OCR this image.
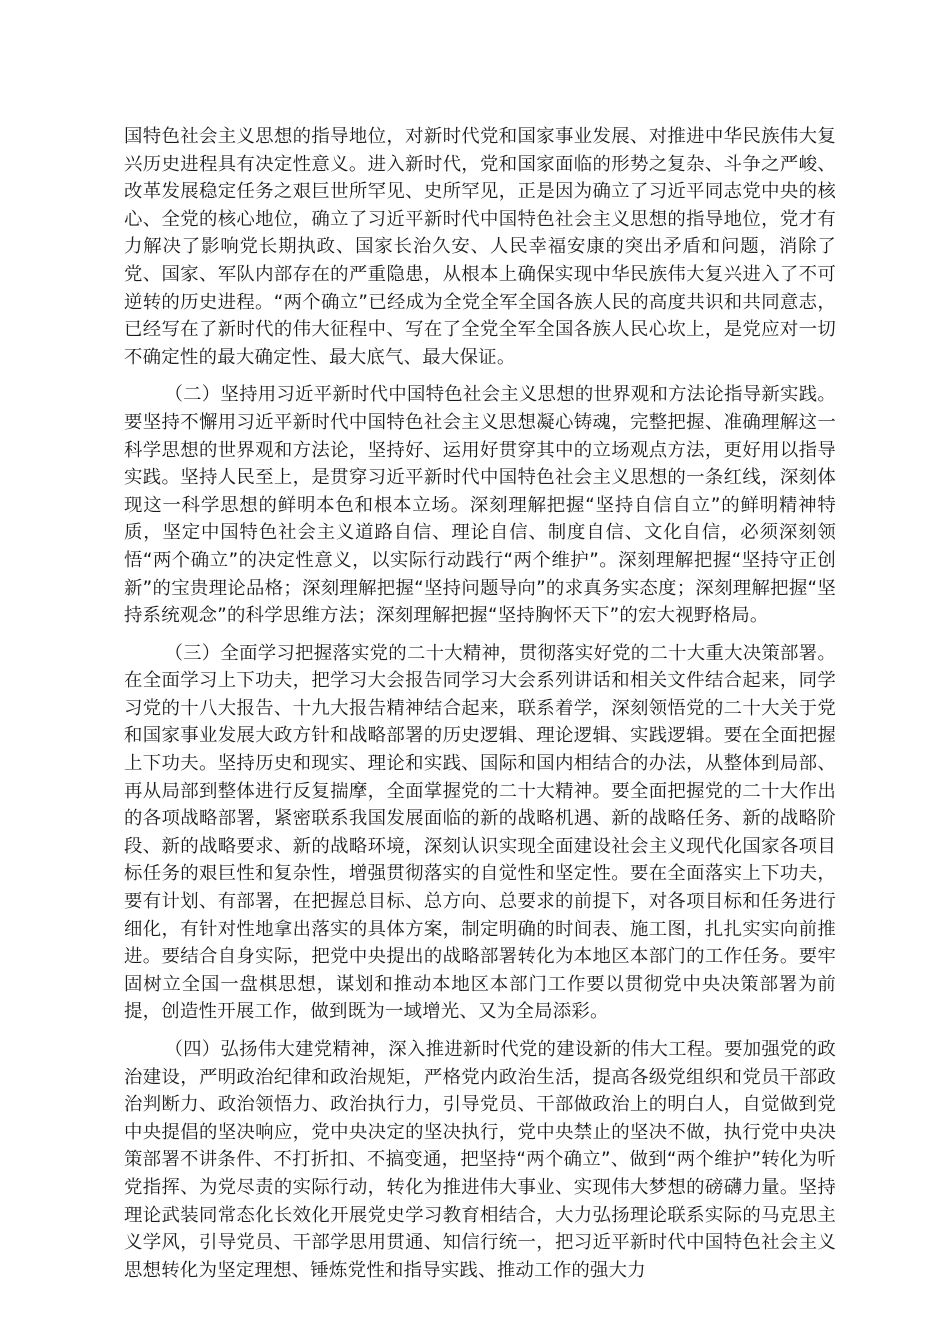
国特色社会主义思想的指导地位，对新时代党和国家事业发展、对推进中华民族伟大复兴历史进程具有决定性意义。进入新时代，党和国家面临的形势之复杂、斗争之严峻、改革发展稳定任务之艰巨世所罕见、史所罕见，正是因为确立了习近平同志党中央的核心、全党的核心地位，确立了习近平新时代中国特色社会主义思想的指导地位，党才有力解决了影响党长期执政、国家长治久安、人民幸福安康的突出矛盾和问题，消除了党、国家、军队内部存在的严重隐患，从根本上确保实现中华民族伟大复兴进入了不可逆转的历史进程。“两个确立”已经成为全党全军全国各族人民的高度共识和共同意志，已经写在了新时代的伟大征程中、写在了全党全军全国各族人民心坎上，是党应对一切不确定性的最大确定性、最大底气、最大保证。

（二）坚持用习近平新时代中国特色社会主义思想的世界观和方法论指导新实践。要坚持不懈用习近平新时代中国特色社会主义思想凝心铸魂，完整把握、准确理解这一科学思想的世界观和方法论，坚持好、运用好贯穿其中的立场观点方法，更好用以指导实践。坚持人民至上，是贯穿习近平新时代中国特色社会主义思想的一条红线，深刻体现这一科学思想的鲜明本色和根本立场。深刻理解把握“坚持自信自立”的鲜明精神特质，坚定中国特色社会主义道路自信、理论自信、制度自信、文化自信，必须深刻领悟“两个确立”的决定性意义，以实际行动践行“两个维护”。深刻理解把握“坚持守正创新”的宝贵理论品格；深刻理解把握“坚持问题导向”的求真务实态度；深刻理解把握“坚持系统观念”的科学思维方法；深刻理解把握“坚持胸怀天下”的宏大视野格局。

（三）全面学习把握落实党的二十大精神，贯彻落实好党的二十大重大决策部署。在全面学习上下功夫，把学习大会报告同学习大会系列讲话和相关文件结合起来，同学习党的十八大报告、十九大报告精神结合起来，联系着学，深刻领悟党的二十大关于党和国家事业发展大政方针和战略部署的历史逻辑、理论逻辑、实践逻辑。要在全面把握上下功夫。坚持历史和现实、理论和实践、国际和国内相结合的办法，从整体到局部、再从局部到整体进行反复揣摩，全面掌握党的二十大精神。要全面把握党的二十大作出的各项战略部署，紧密联系我国发展面临的新的战略机遇、新的战略任务、新的战略阶段、新的战略要求、新的战略环境，深刻认识实现全面建设社会主义现代化国家各项目标任务的艰巨性和复杂性，增强贯彻落实的自觉性和坚定性。要在全面落实上下功夫，要有计划、有部署，在把握总目标、总方向、总要求的前提下，对各项目标和任务进行细化，有针对性地拿出落实的具体方案，制定明确的时间表、施工图，扎扎实实向前推进。要结合自身实际，把党中央提出的战略部署转化为本地区本部门的工作任务。要牢固树立全国一盘棋思想，谋划和推动本地区本部门工作要以贯彻党中央决策部署为前提，创造性开展工作，做到既为一域增光、又为全局添彩。

（四）弘扬伟大建党精神，深入推进新时代党的建设新的伟大工程。要加强党的政治建设，严明政治纪律和政治规矩，严格党内政治生活，提高各级党组织和党员干部政治判断力、政治领悟力、政治执行力，引导党员、干部做政治上的明白人，自觉做到党中央提倡的坚决响应，党中央决定的坚决执行，党中央禁止的坚决不做，执行党中央决策部署不讲条件、不打折扣、不搞变通，把坚持“两个确立”、做到“两个维护”转化为听党指挥、为党尽责的实际行动，转化为推进伟大事业、实现伟大梦想的磅礴力量。坚持理论武装同常态化长效化开展党史学习教育相结合，大力弘扬理论联系实际的马克思主义学风，引导党员、干部学思用贯通、知信行统一，把习近平新时代中国特色社会主义思想转化为坚定理想、锤炼党性和指导实践、推动工作的强大力
